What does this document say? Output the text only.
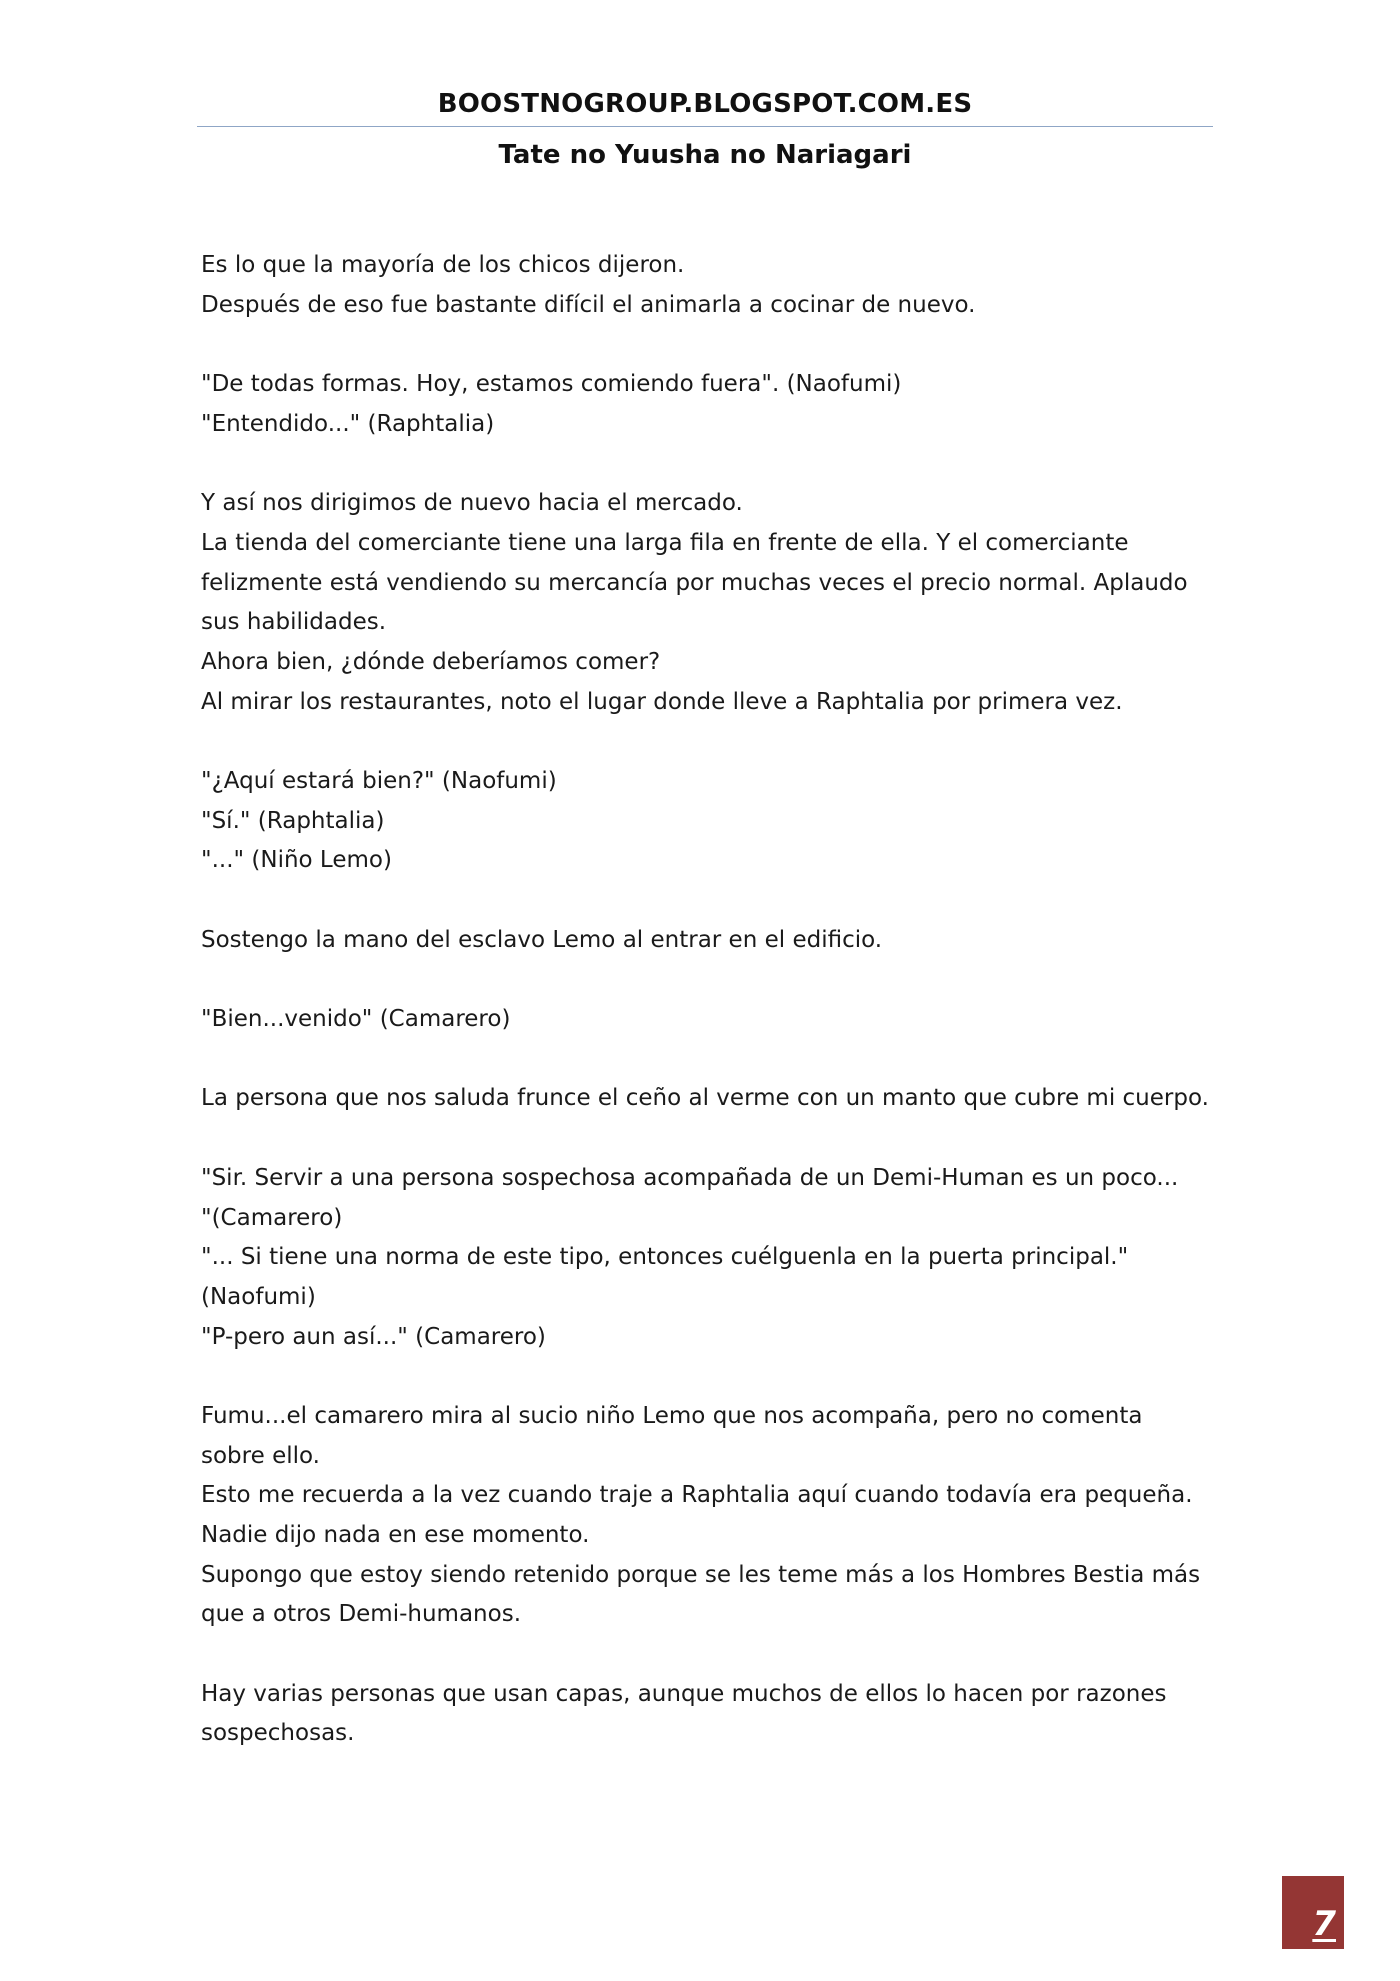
BOOSTNOGROUP.BLOGSPOT.COM.ES
Tate no Yuusha no Nariagari
Es lo que la mayoría de los chicos dijeron.
Después de eso fue bastante difícil el animarla a cocinar de nuevo.
"De todas formas. Hoy, estamos comiendo fuera". (Naofumi)
"Entendido..." (Raphtalia)
Y así nos dirigimos de nuevo hacia el mercado.
La tienda del comerciante tiene una larga fila en frente de ella. Y el comerciante
felizmente está vendiendo su mercancía por muchas veces el precio normal. Aplaudo
sus habilidades.
Ahora bien, ¿dónde deberíamos comer?
Al mirar los restaurantes, noto el lugar donde lleve a Raphtalia por primera vez.
"¿Aquí estará bien?" (Naofumi)
"Sí." (Raphtalia)
"..." (Niño Lemo)
Sostengo la mano del esclavo Lemo al entrar en el edificio.
"Bien...venido" (Camarero)
La persona que nos saluda frunce el ceño al verme con un manto que cubre mi cuerpo.
"Sir. Servir a una persona sospechosa acompañada de un Demi-Human es un poco...
"(Camarero)
"... Si tiene una norma de este tipo, entonces cuélguenla en la puerta principal."
(Naofumi)
"P-pero aun así..." (Camarero)
Fumu...el camarero mira al sucio niño Lemo que nos acompaña, pero no comenta
sobre ello.
Esto me recuerda a la vez cuando traje a Raphtalia aquí cuando todavía era pequeña.
Nadie dijo nada en ese momento.
Supongo que estoy siendo retenido porque se les teme más a los Hombres Bestia más
que a otros Demi-humanos.
Hay varias personas que usan capas, aunque muchos de ellos lo hacen por razones
sospechosas.
7
